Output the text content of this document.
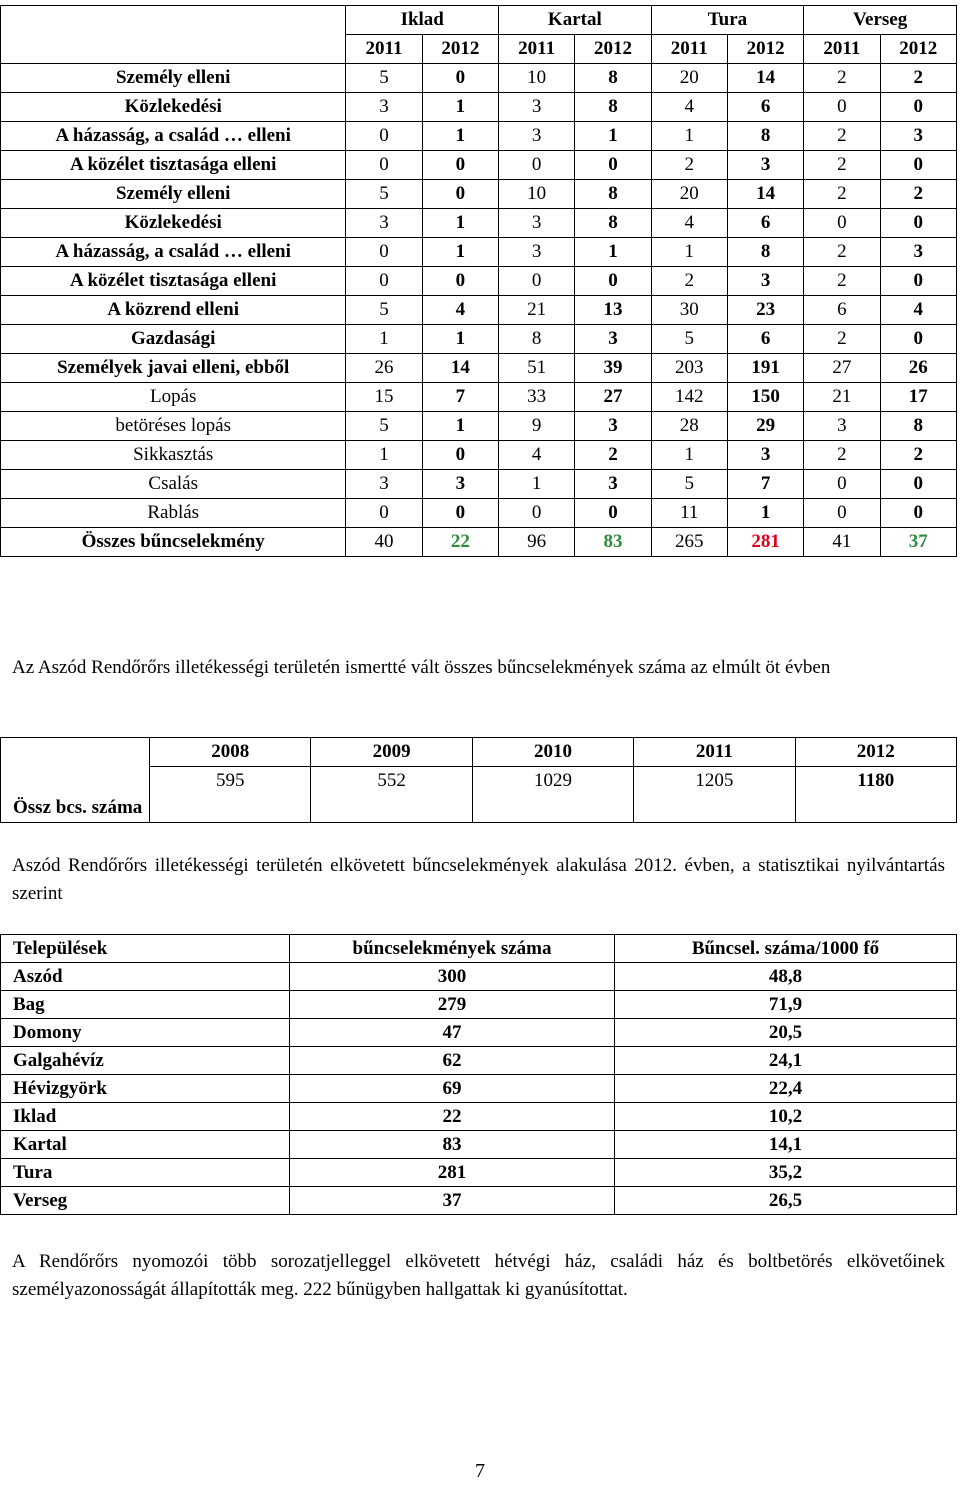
	Iklad		Kartal		Tura		Verseg	
	2011	2012	2011	2012	2011	2012	2011	2012
Személy elleni	5	0	10	8	20	14	2	2
Közlekedési	3	1	3	8	4	6	0	0
A házasság, a család … elleni	0	1	3	1	1	8	2	3
A közélet tisztasága elleni	0	0	0	0	2	3	2	0
Személy elleni	5	0	10	8	20	14	2	2
Közlekedési	3	1	3	8	4	6	0	0
A házasság, a család … elleni	0	1	3	1	1	8	2	3
A közélet tisztasága elleni	0	0	0	0	2	3	2	0
A közrend elleni	5	4	21	13	30	23	6	4
Gazdasági	1	1	8	3	5	6	2	0
Személyek javai elleni, ebből	26	14	51	39	203	191	27	26
Lopás	15	7	33	27	142	150	21	17
betöréses lopás	5	1	9	3	28	29	3	8
Sikkasztás	1	0	4	2	1	3	2	2
Csalás	3	3	1	3	5	7	0	0
Rablás	0	0	0	0	11	1	0	0
Összes bűncselekmény	40	22	96	83	265	281	41	37
Az Aszód Rendőrőrs illetékességi területén ismertté vált összes bűncselekmények száma az elmúlt öt évben
Össz bcs. száma	2008	2009	2010	2011	2012
	595	552	1029	1205	1180
Aszód Rendőrőrs illetékességi területén elkövetett bűncselekmények alakulása 2012. évben, a statisztikai nyilvántartás szerint
Települések	bűncselekmények száma	Bűncsel. száma/1000 fő
Aszód	300	48,8
Bag	279	71,9
Domony	47	20,5
Galgahévíz	62	24,1
Hévizgyörk	69	22,4
Iklad	22	10,2
Kartal	83	14,1
Tura	281	35,2
Verseg	37	26,5
A Rendőrőrs nyomozói több sorozatjelleggel elkövetett hétvégi ház, családi ház és boltbetörés elkövetőinek személyazonosságát állapították meg. 222 bűnügyben hallgattak ki gyanúsítottat.
7
